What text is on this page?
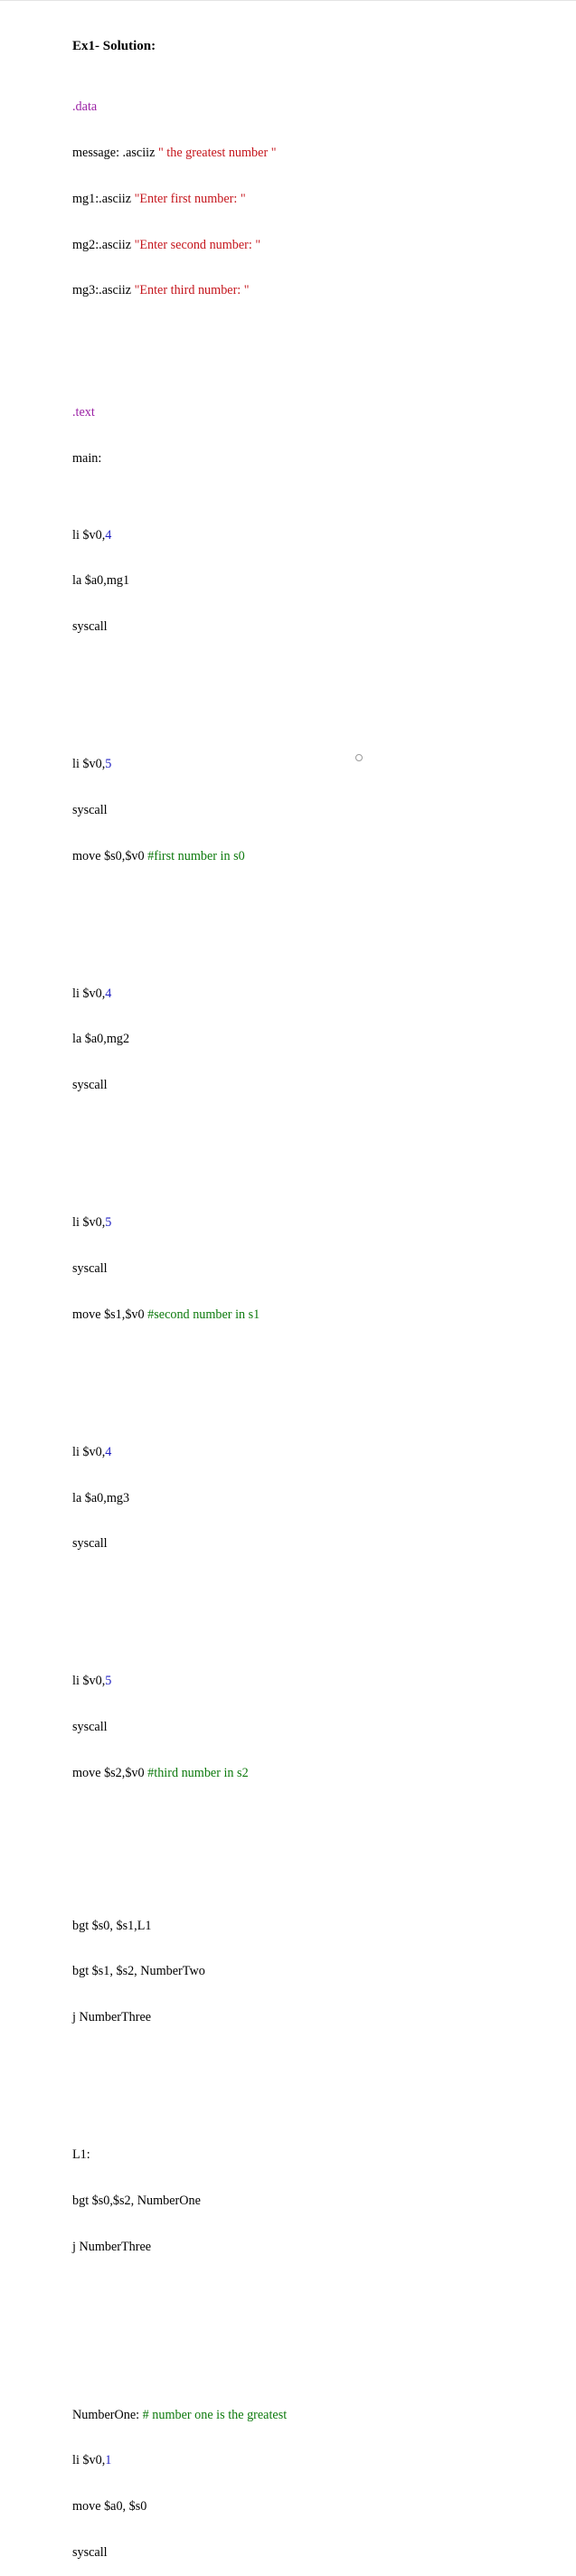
Ex1- Solution:

.data

message: .asciiz " the greatest number "

mg1:.asciiz "Enter first number: "

mg2:.asciiz "Enter second number: "

mg3:.asciiz "Enter third number: "

.text

main:

li $v0,4

la $a0,mg1

syscall

li $v0,5

syscall

move $s0,$v0 #first number in s0

li $v0,4

la $a0,mg2

syscall

li $v0,5

syscall

move $s1,$v0 #second number in s1

li $v0,4

la $a0,mg3

syscall

li $v0,5

syscall

move $s2,$v0 #third number in s2

bgt $s0, $s1,L1

bgt $s1, $s2, NumberTwo

j NumberThree

L1:

bgt $s0,$s2, NumberOne

j NumberThree

NumberOne: # number one is the greatest

li $v0,1

move $a0, $s0

syscall
